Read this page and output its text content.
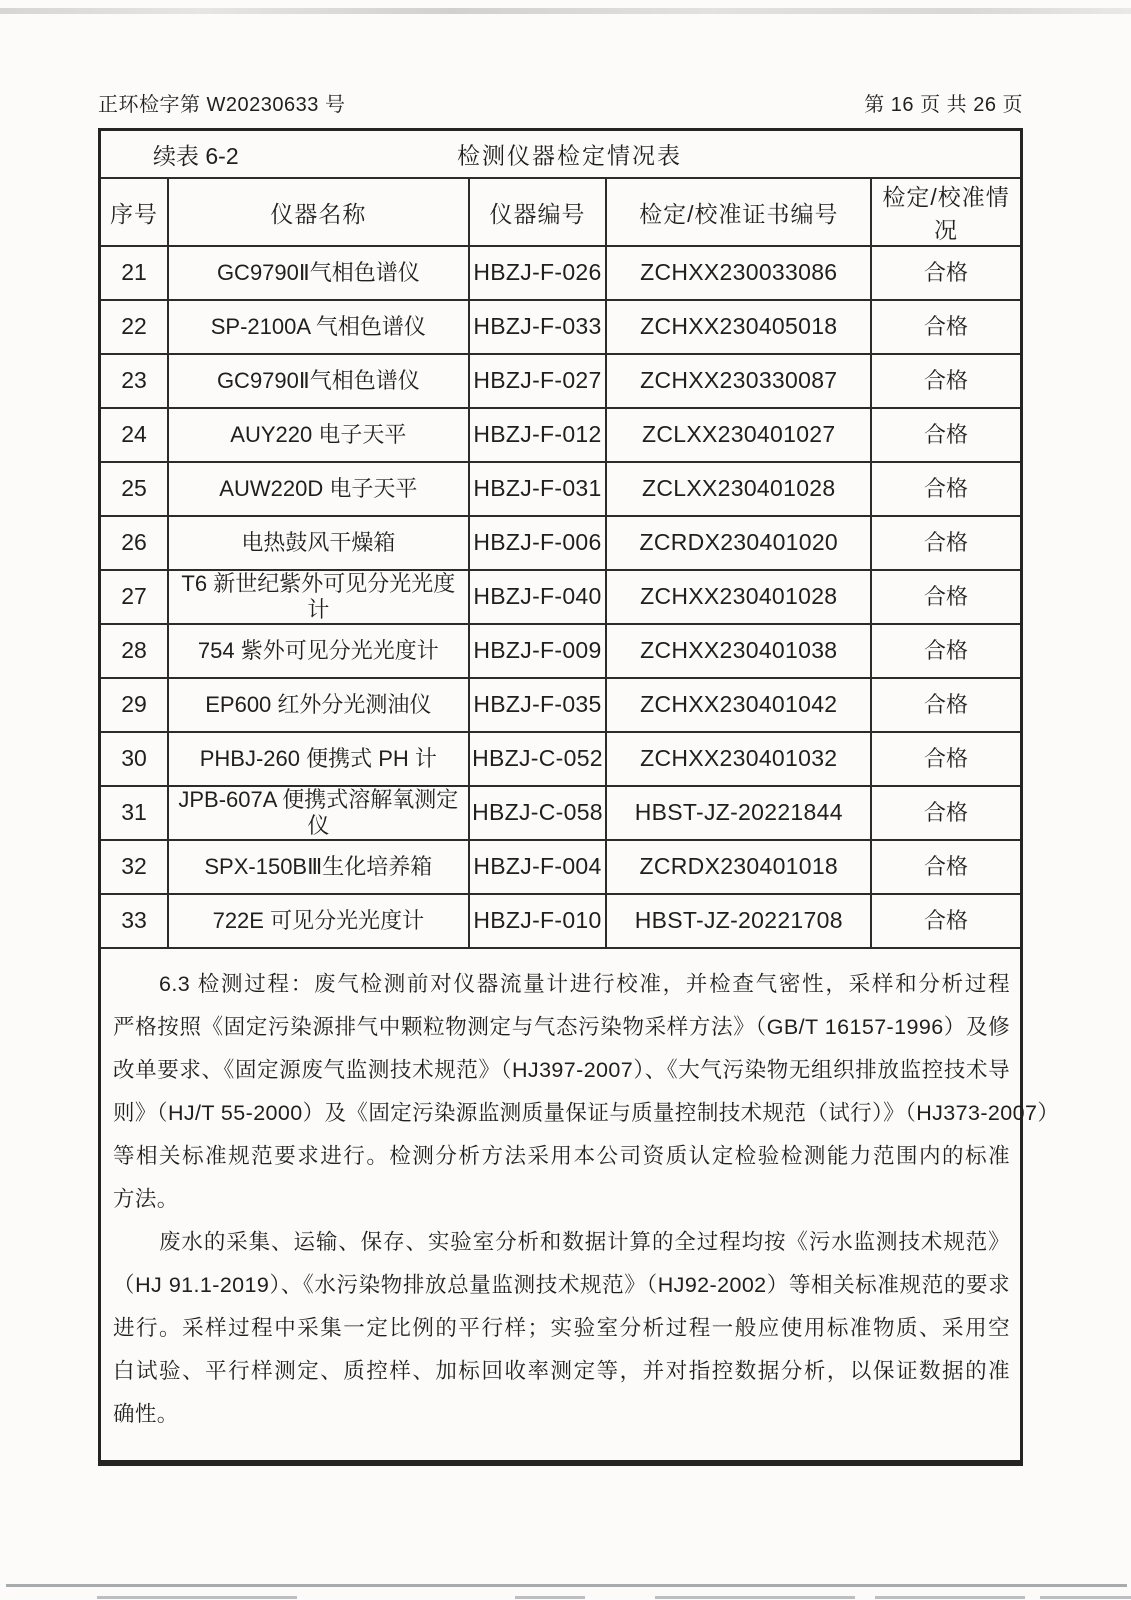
正环检字第 W20230633 号	第 16 页 共 26 页
续表 6-2	检测仪器检定情况表
序号	仪器名称	仪器编号	检定/校准证书编号	检定/校准情况
21	GC9790Ⅱ气相色谱仪	HBZJ-F-026	ZCHXX230033086	合格
22	SP-2100A 气相色谱仪	HBZJ-F-033	ZCHXX230405018	合格
23	GC9790Ⅱ气相色谱仪	HBZJ-F-027	ZCHXX230330087	合格
24	AUY220 电子天平	HBZJ-F-012	ZCLXX230401027	合格
25	AUW220D 电子天平	HBZJ-F-031	ZCLXX230401028	合格
26	电热鼓风干燥箱	HBZJ-F-006	ZCRDX230401020	合格
27	T6 新世纪紫外可见分光光度计	HBZJ-F-040	ZCHXX230401028	合格
28	754 紫外可见分光光度计	HBZJ-F-009	ZCHXX230401038	合格
29	EP600 红外分光测油仪	HBZJ-F-035	ZCHXX230401042	合格
30	PHBJ-260 便携式 PH 计	HBZJ-C-052	ZCHXX230401032	合格
31	JPB-607A 便携式溶解氧测定仪	HBZJ-C-058	HBST-JZ-20221844	合格
32	SPX-150BⅢ生化培养箱	HBZJ-F-004	ZCRDX230401018	合格
33	722E 可见分光光度计	HBZJ-F-010	HBST-JZ-20221708	合格
6.3 检测过程：废气检测前对仪器流量计进行校准，并检查气密性，采样和分析过程
严格按照《固定污染源排气中颗粒物测定与气态污染物采样方法》（GB/T 16157-1996）及修
改单要求、《固定源废气监测技术规范》（HJ397-2007）、《大气污染物无组织排放监控技术导
则》（HJ/T 55-2000）及《固定污染源监测质量保证与质量控制技术规范（试行）》（HJ373-2007）
等相关标准规范要求进行。检测分析方法采用本公司资质认定检验检测能力范围内的标准
方法。
废水的采集、运输、保存、实验室分析和数据计算的全过程均按《污水监测技术规范》
（HJ 91.1-2019）、《水污染物排放总量监测技术规范》（HJ92-2002）等相关标准规范的要求
进行。采样过程中采集一定比例的平行样；实验室分析过程一般应使用标准物质、采用空
白试验、平行样测定、质控样、加标回收率测定等，并对指控数据分析，以保证数据的准
确性。
